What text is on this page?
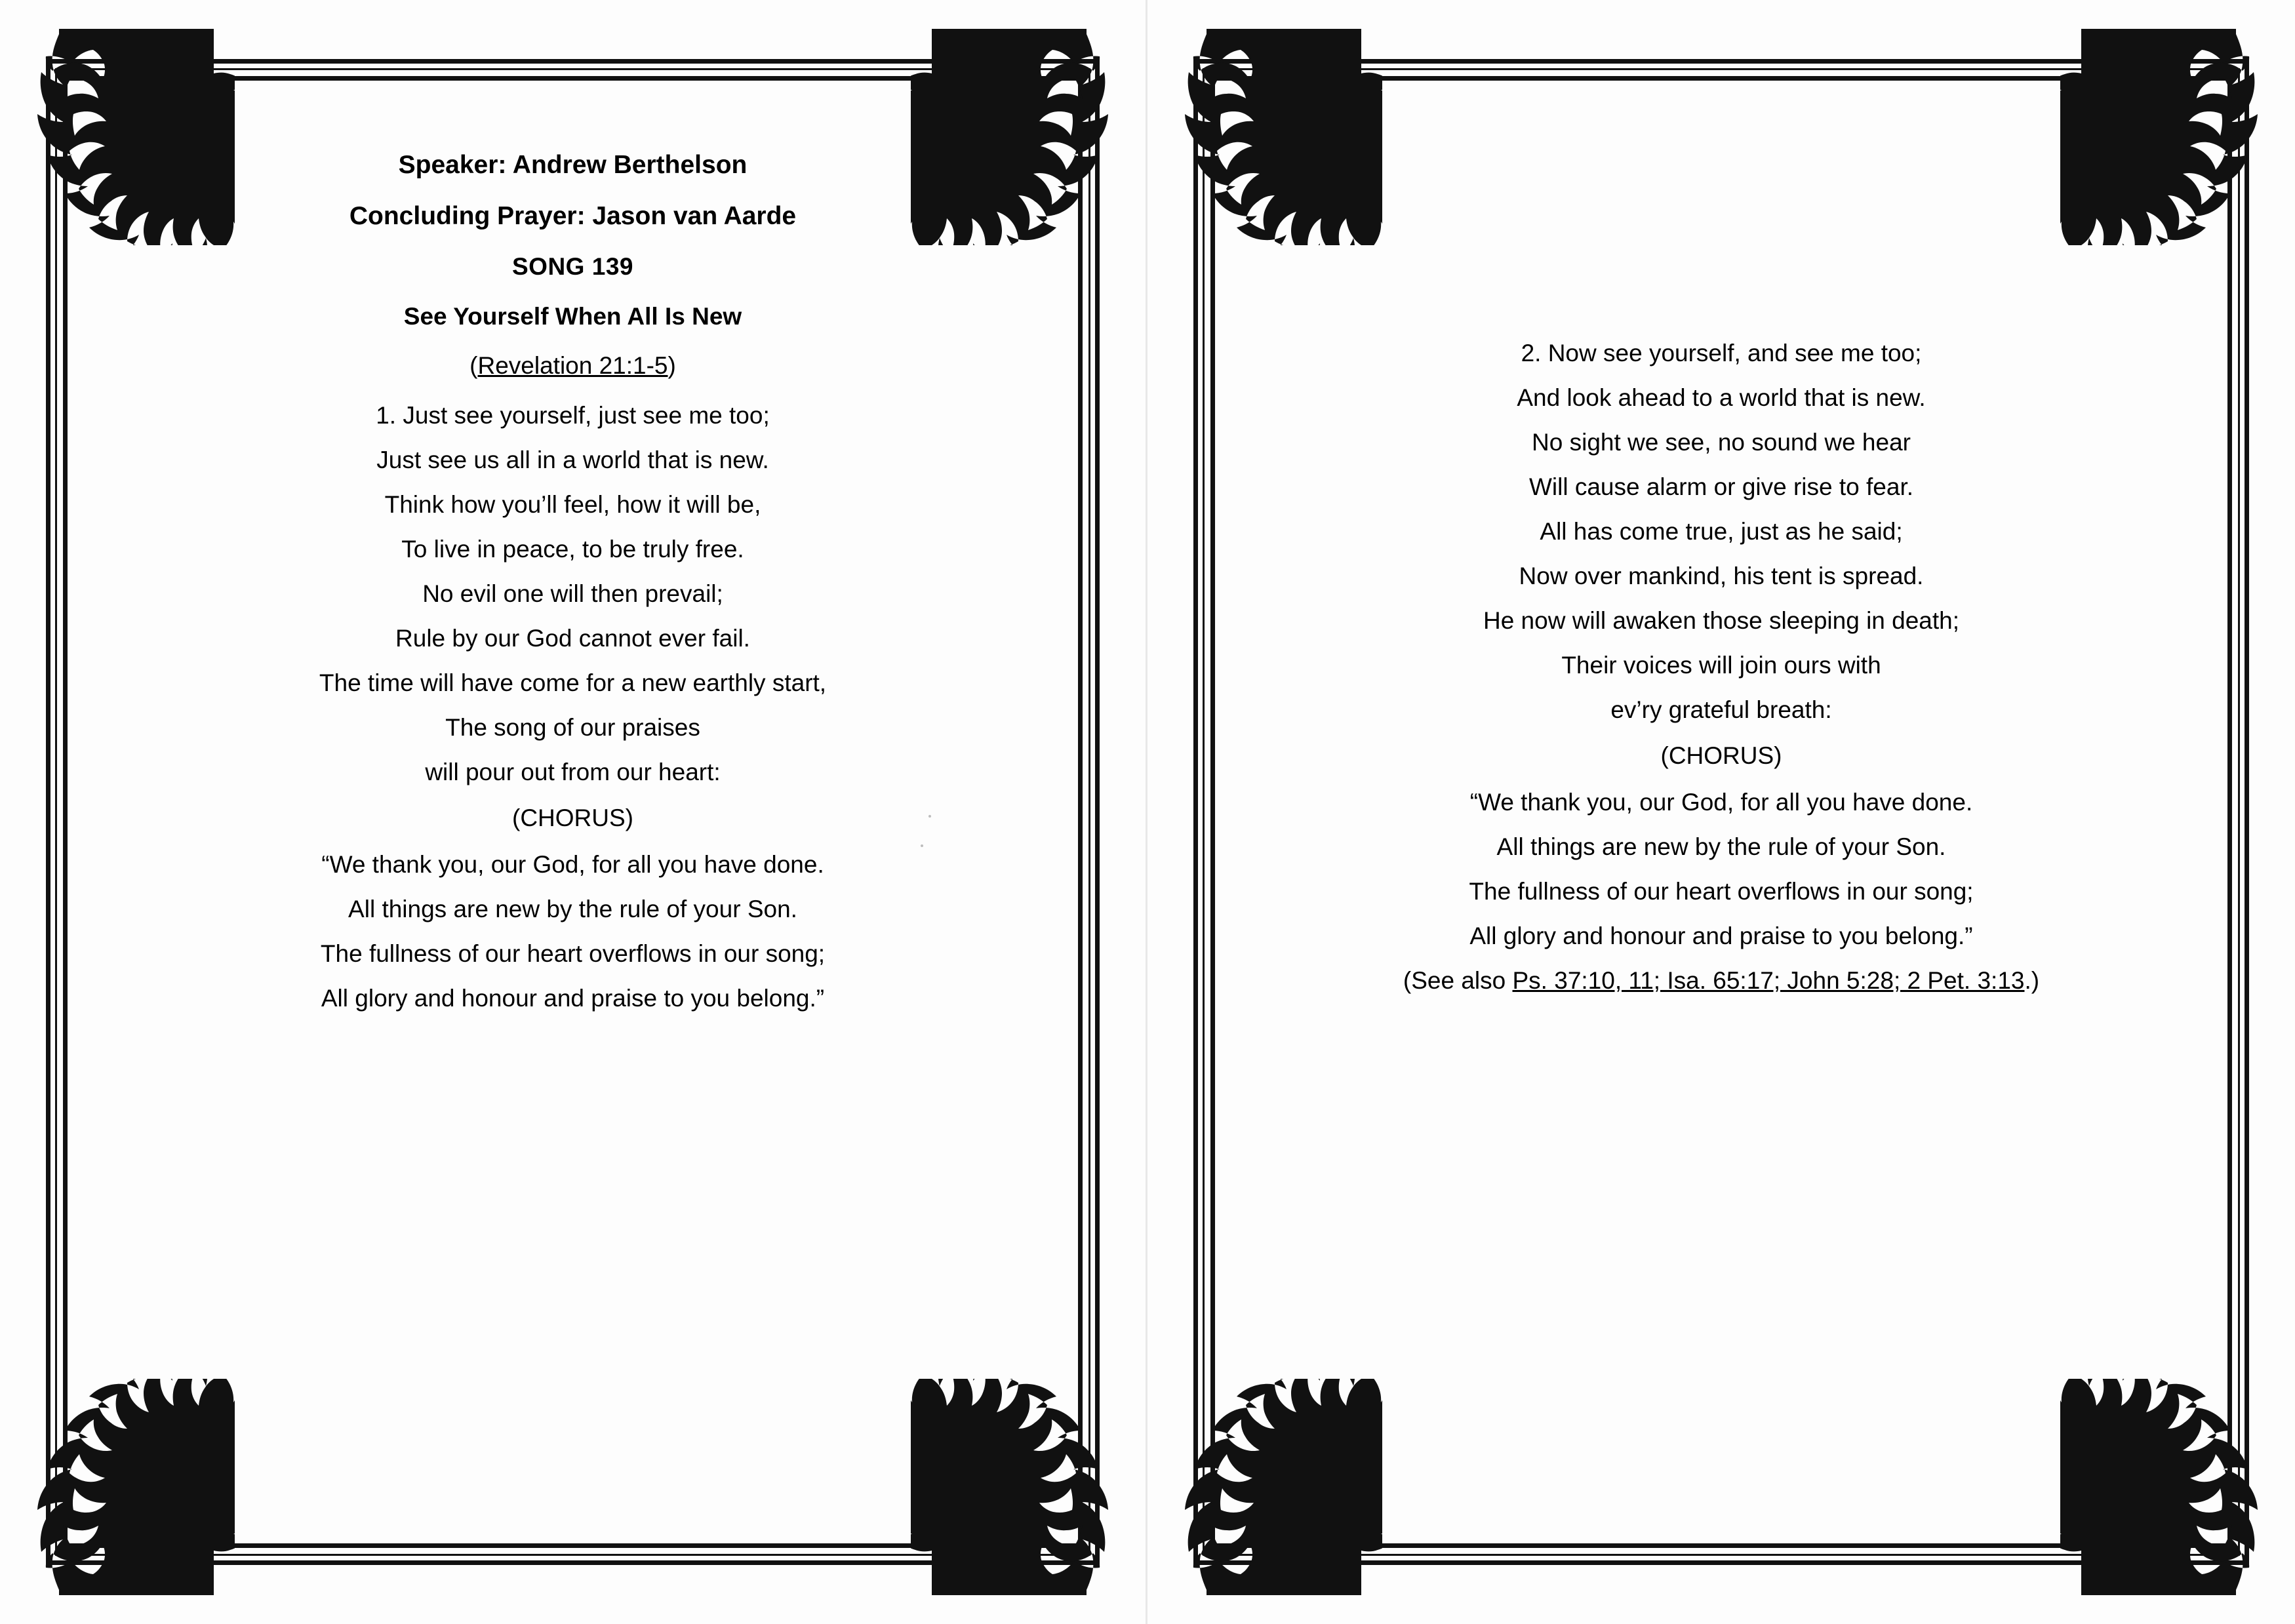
Speaker: Andrew Berthelson
Concluding Prayer: Jason van Aarde
SONG 139
See Yourself When All Is New
(Revelation 21:1-5)
1. Just see yourself, just see me too;
Just see us all in a world that is new.
Think how you’ll feel, how it will be,
To live in peace, to be truly free.
No evil one will then prevail;
Rule by our God cannot ever fail.
The time will have come for a new earthly start,
The song of our praises
will pour out from our heart:
(CHORUS)
“We thank you, our God, for all you have done.
All things are new by the rule of your Son.
The fullness of our heart overflows in our song;
All glory and honour and praise to you belong.”
2. Now see yourself, and see me too;
And look ahead to a world that is new.
No sight we see, no sound we hear
Will cause alarm or give rise to fear.
All has come true, just as he said;
Now over mankind, his tent is spread.
He now will awaken those sleeping in death;
Their voices will join ours with
ev’ry grateful breath:
(CHORUS)
“We thank you, our God, for all you have done.
All things are new by the rule of your Son.
The fullness of our heart overflows in our song;
All glory and honour and praise to you belong.”
(See also Ps. 37:10, 11; Isa. 65:17; John 5:28; 2 Pet. 3:13.)
